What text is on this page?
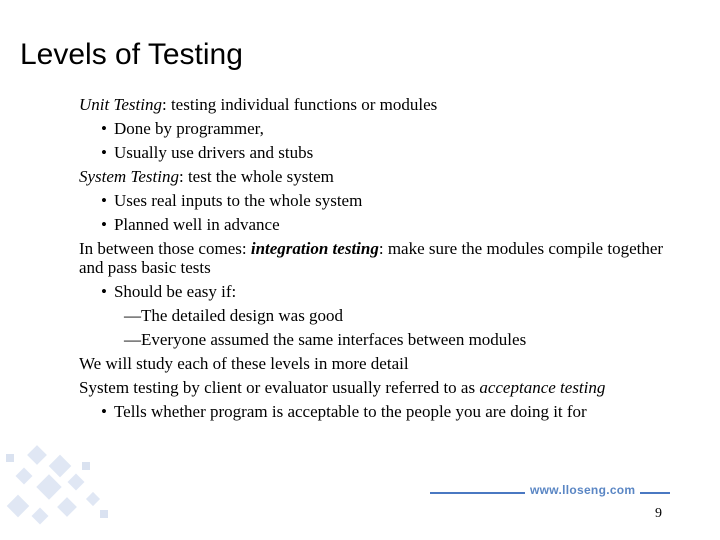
Levels of Testing
Unit Testing: testing individual functions or modules
• Done by programmer,
• Usually use drivers and stubs
System Testing: test the whole system
• Uses real inputs to the whole system
• Planned well in advance
In between those comes: integration testing: make sure the modules compile together and pass basic tests
• Should be easy if:
—The detailed design was good
—Everyone assumed the same interfaces between modules
We will study each of these levels in more detail
System testing by client or evaluator usually referred to as acceptance testing
• Tells whether program is acceptable to the people you are doing it for
www.lloseng.com
9
